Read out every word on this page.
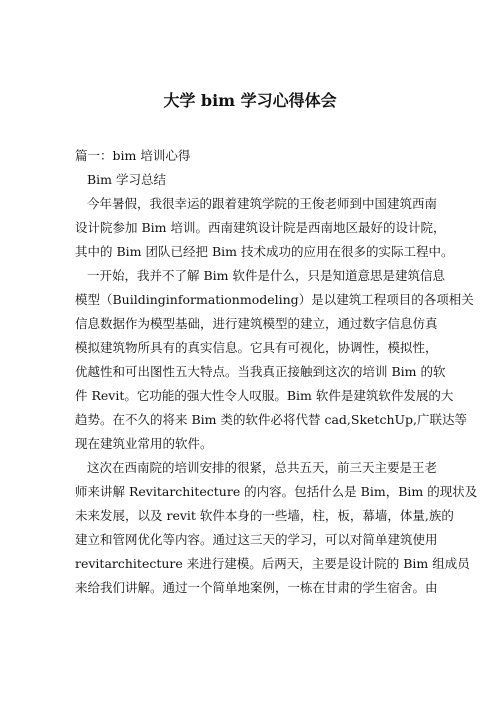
大学 bim 学习心得体会
篇一：bim 培训心得
Bim 学习总结
今年暑假，我很幸运的跟着建筑学院的王俊老师到中国建筑西南
设计院参加 Bim 培训。西南建筑设计院是西南地区最好的设计院，
其中的 Bim 团队已经把 Bim 技术成功的应用在很多的实际工程中。
一开始，我并不了解 Bim 软件是什么，只是知道意思是建筑信息
模型（Buildinginformationmodeling）是以建筑工程项目的各项相关
信息数据作为模型基础，进行建筑模型的建立，通过数字信息仿真
模拟建筑物所具有的真实信息。它具有可视化，协调性，模拟性，
优越性和可出图性五大特点。当我真正接触到这次的培训 Bim 的软
件 Revit。它功能的强大性令人叹服。Bim 软件是建筑软件发展的大
趋势。在不久的将来 Bim 类的软件必将代替 cad,SketchUp,广联达等
现在建筑业常用的软件。
这次在西南院的培训安排的很紧，总共五天，前三天主要是王老
师来讲解 Revitarchitecture 的内容。包括什么是 Bim，Bim 的现状及
未来发展，以及 revit 软件本身的一些墙，柱，板，幕墙，体量,族的
建立和管网优化等内容。通过这三天的学习，可以对简单建筑使用
revitarchitecture 来进行建模。后两天，主要是设计院的 Bim 组成员
来给我们讲解。通过一个简单地案例，一栋在甘肃的学生宿舍。由
